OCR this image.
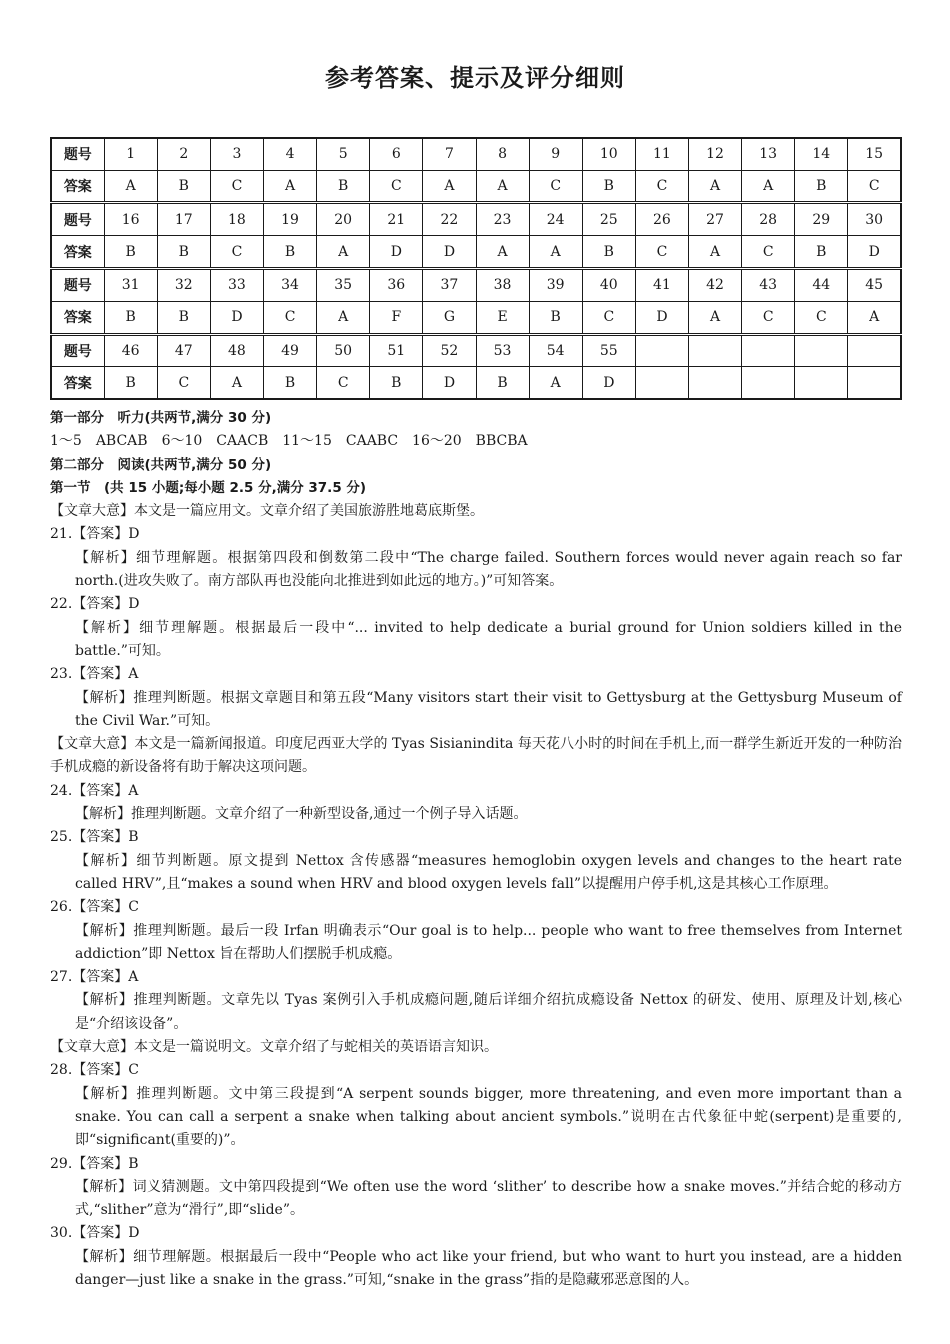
参考答案、提示及评分细则
题号	1	2	3	4	5	6	7	8	9	10	11	12	13	14	15
答案	A	B	C	A	B	C	A	A	C	B	C	A	A	B	C
题号	16	17	18	19	20	21	22	23	24	25	26	27	28	29	30
答案	B	B	C	B	A	D	D	A	A	B	C	A	C	B	D
题号	31	32	33	34	35	36	37	38	39	40	41	42	43	44	45
答案	B	B	D	C	A	F	G	E	B	C	D	A	C	C	A
题号	46	47	48	49	50	51	52	53	54	55					
答案	B	C	A	B	C	B	D	B	A	D					

第一部分　听力(共两节,满分 30 分)

1～5　ABCAB　6～10　CAACB　11～15　CAABC　16～20　BBCBA

第二部分　阅读(共两节,满分 50 分)

第一节　(共 15 小题;每小题 2.5 分,满分 37.5 分)

【文章大意】本文是一篇应用文。文章介绍了美国旅游胜地葛底斯堡。

21.【答案】D

【解析】细节理解题。根据第四段和倒数第二段中“The charge failed. Southern forces would never again reach so far north.(进攻失败了。南方部队再也没能向北推进到如此远的地方。)”可知答案。

22.【答案】D

【解析】细节理解题。根据最后一段中“... invited to help dedicate a burial ground for Union soldiers killed in the battle.”可知。

23.【答案】A

【解析】推理判断题。根据文章题目和第五段“Many visitors start their visit to Gettysburg at the Gettysburg Museum of the Civil War.”可知。

【文章大意】本文是一篇新闻报道。印度尼西亚大学的 Tyas Sisianindita 每天花八小时的时间在手机上,而一群学生新近开发的一种防治手机成瘾的新设备将有助于解决这项问题。

24.【答案】A

【解析】推理判断题。文章介绍了一种新型设备,通过一个例子导入话题。

25.【答案】B

【解析】细节判断题。原文提到 Nettox 含传感器“measures hemoglobin oxygen levels and changes to the heart rate called HRV”,且“makes a sound when HRV and blood oxygen levels fall”以提醒用户停手机,这是其核心工作原理。

26.【答案】C

【解析】推理判断题。最后一段 Irfan 明确表示“Our goal is to help... people who want to free themselves from Internet addiction”即 Nettox 旨在帮助人们摆脱手机成瘾。

27.【答案】A

【解析】推理判断题。文章先以 Tyas 案例引入手机成瘾问题,随后详细介绍抗成瘾设备 Nettox 的研发、使用、原理及计划,核心是“介绍该设备”。

【文章大意】本文是一篇说明文。文章介绍了与蛇相关的英语语言知识。

28.【答案】C

【解析】推理判断题。文中第三段提到“A serpent sounds bigger, more threatening, and even more important than a snake. You can call a serpent a snake when talking about ancient symbols.”说明在古代象征中蛇(serpent)是重要的,即“significant(重要的)”。

29.【答案】B

【解析】词义猜测题。文中第四段提到“We often use the word ‘slither’ to describe how a snake moves.”并结合蛇的移动方式,“slither”意为“滑行”,即“slide”。

30.【答案】D

【解析】细节理解题。根据最后一段中“People who act like your friend, but who want to hurt you instead, are a hidden danger—just like a snake in the grass.”可知,“snake in the grass”指的是隐藏邪恶意图的人。
